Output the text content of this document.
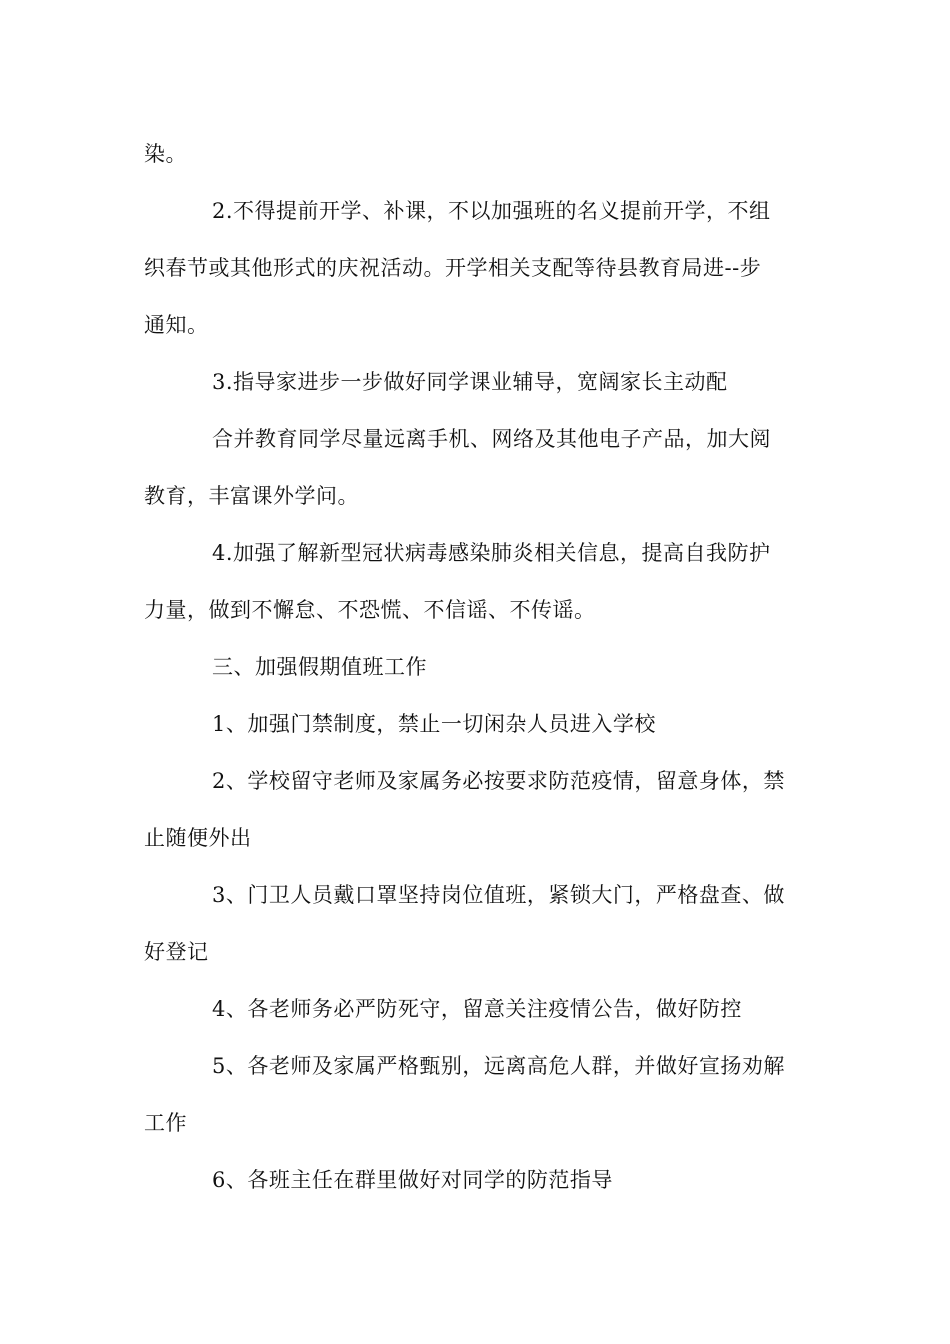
染。
2.不得提前开学、补课，不以加强班的名义提前开学，不组
织春节或其他形式的庆祝活动。开学相关支配等待县教育局进--步
通知。
3.指导家进步一步做好同学课业辅导，宽阔家长主动配
合并教育同学尽量远离手机、网络及其他电子产品，加大阅
教育，丰富课外学问。
4.加强了解新型冠状病毒感染肺炎相关信息，提高自我防护
力量，做到不懈怠、不恐慌、不信谣、不传谣。
三、加强假期值班工作
1、加强门禁制度，禁止一切闲杂人员进入学校
2、学校留守老师及家属务必按要求防范疫情，留意身体，禁
止随便外出
3、门卫人员戴口罩坚持岗位值班，紧锁大门，严格盘查、做
好登记
4、各老师务必严防死守，留意关注疫情公告，做好防控
5、各老师及家属严格甄别，远离高危人群，并做好宣扬劝解
工作
6、各班主任在群里做好对同学的防范指导
